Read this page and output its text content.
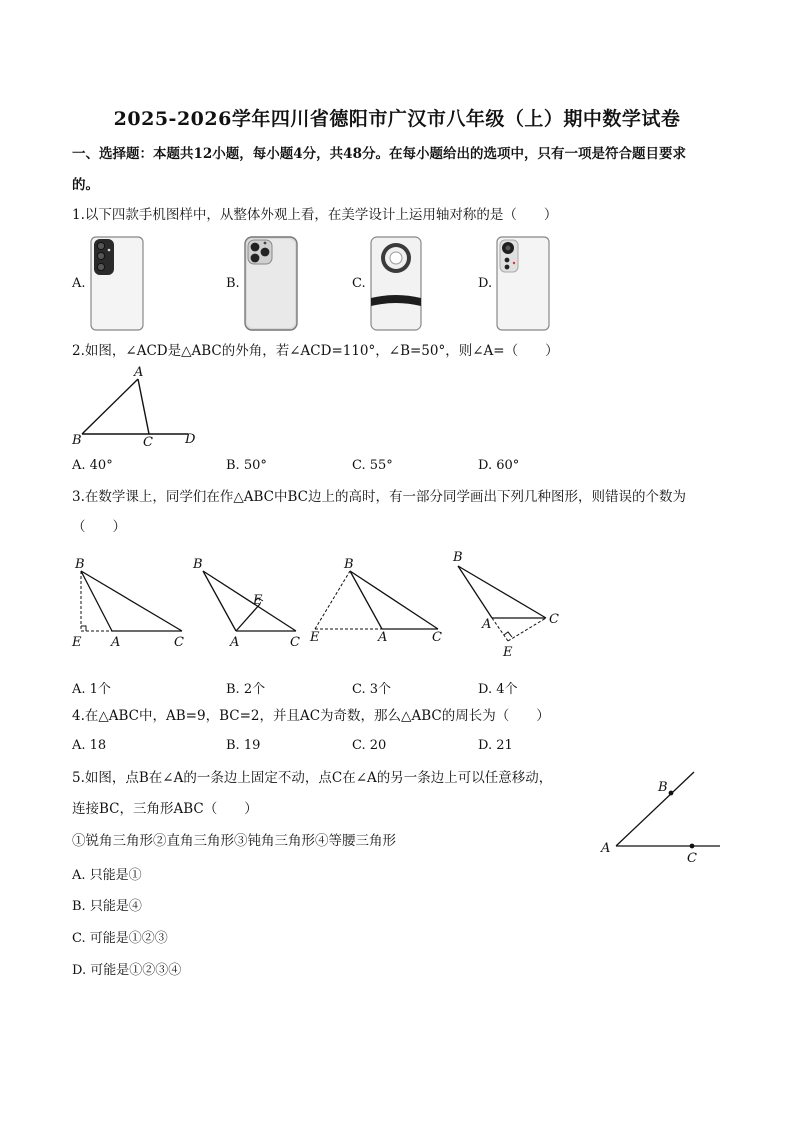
2025-2026学年四川省德阳市广汉市八年级（上）期中数学试卷
一、选择题：本题共12小题，每小题4分，共48分。在每小题给出的选项中，只有一项是符合题目要求
的。
1.以下四款手机图样中，从整体外观上看，在美学设计上运用轴对称的是（　　）
A.	B.	C.	D.
2.如图，∠ACD是△ABC的外角，若∠ACD=110°，∠B=50°，则∠A=（　　）
A
B	C D
A. 40°	B. 50°	C. 55°	D. 60°
3.在数学课上，同学们在作△ABC中BC边上的高时，有一部分同学画出下列几种图形，则错误的个数为
（　　）
B
E A	C
B
E
A	C
B
E	A	C
B
A	C
E
A. 1个	B. 2个	C. 3个	D. 4个
4.在△ABC中，AB=9，BC=2，并且AC为奇数，那么△ABC的周长为（　　）
A. 18	B. 19	C. 20	D. 21
5.如图，点B在∠A的一条边上固定不动，点C在∠A的另一条边上可以任意移动，
连接BC，三角形ABC（　　）
①锐角三角形②直角三角形③钝角三角形④等腰三角形
A. 只能是①
B. 只能是④
C. 可能是①②③
D. 可能是①②③④
A
B
C
